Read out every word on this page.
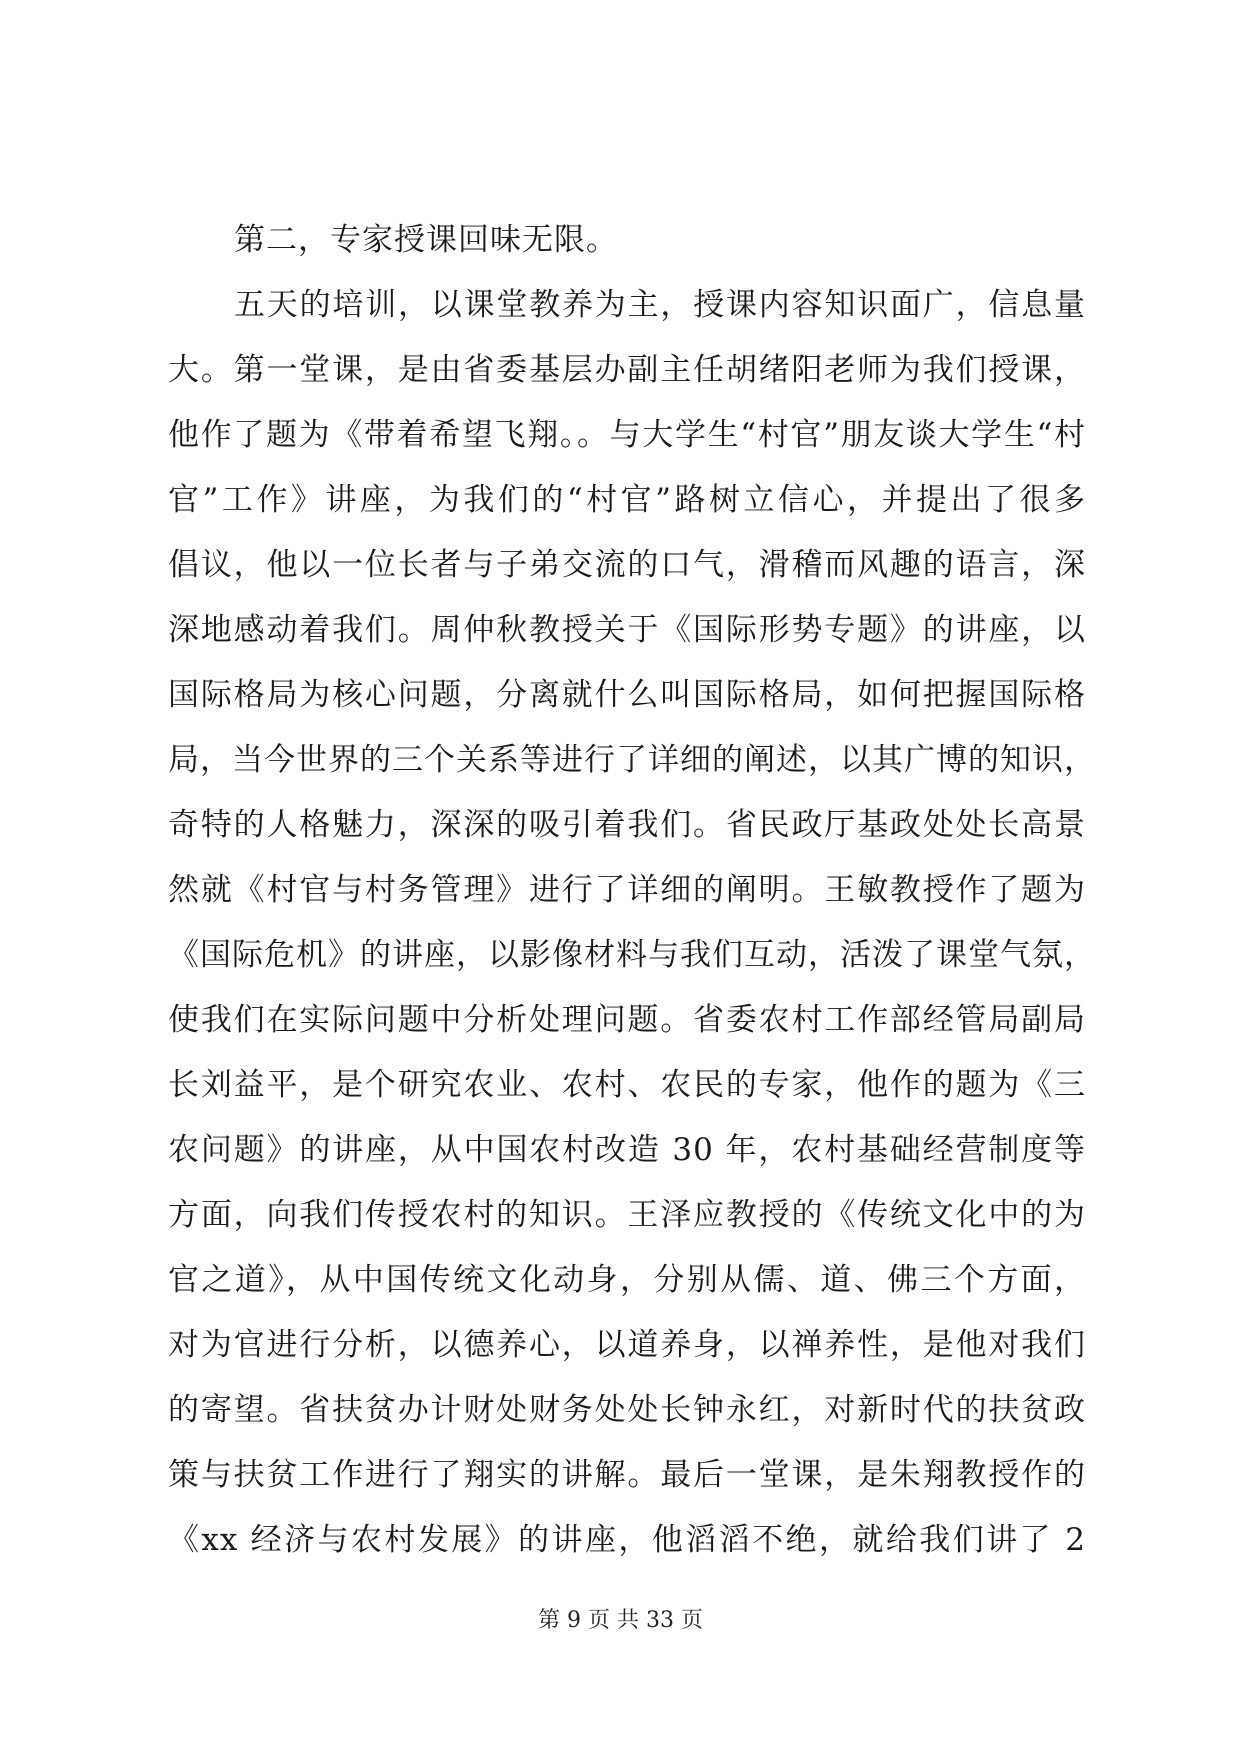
第二，专家授课回味无限。
五天的培训，以课堂教养为主，授课内容知识面广，信息量
大。第一堂课，是由省委基层办副主任胡绪阳老师为我们授课，
他作了题为《带着希望飞翔。。与大学生“村官”朋友谈大学生“村
官”工作》讲座，为我们的“村官”路树立信心，并提出了很多
倡议，他以一位长者与子弟交流的口气，滑稽而风趣的语言，深
深地感动着我们。周仲秋教授关于《国际形势专题》的讲座，以
国际格局为核心问题，分离就什么叫国际格局，如何把握国际格
局，当今世界的三个关系等进行了详细的阐述，以其广博的知识，
奇特的人格魅力，深深的吸引着我们。省民政厅基政处处长高景
然就《村官与村务管理》进行了详细的阐明。王敏教授作了题为
《国际危机》的讲座，以影像材料与我们互动，活泼了课堂气氛，
使我们在实际问题中分析处理问题。省委农村工作部经管局副局
长刘益平，是个研究农业、农村、农民的专家，他作的题为《三
农问题》的讲座，从中国农村改造 30 年，农村基础经营制度等
方面，向我们传授农村的知识。王泽应教授的《传统文化中的为
官之道》，从中国传统文化动身，分别从儒、道、佛三个方面，
对为官进行分析，以德养心，以道养身，以禅养性，是他对我们
的寄望。省扶贫办计财处财务处处长钟永红，对新时代的扶贫政
策与扶贫工作进行了翔实的讲解。最后一堂课，是朱翔教授作的
《xx 经济与农村发展》的讲座，他滔滔不绝，就给我们讲了 2
第 9 页 共 33 页
